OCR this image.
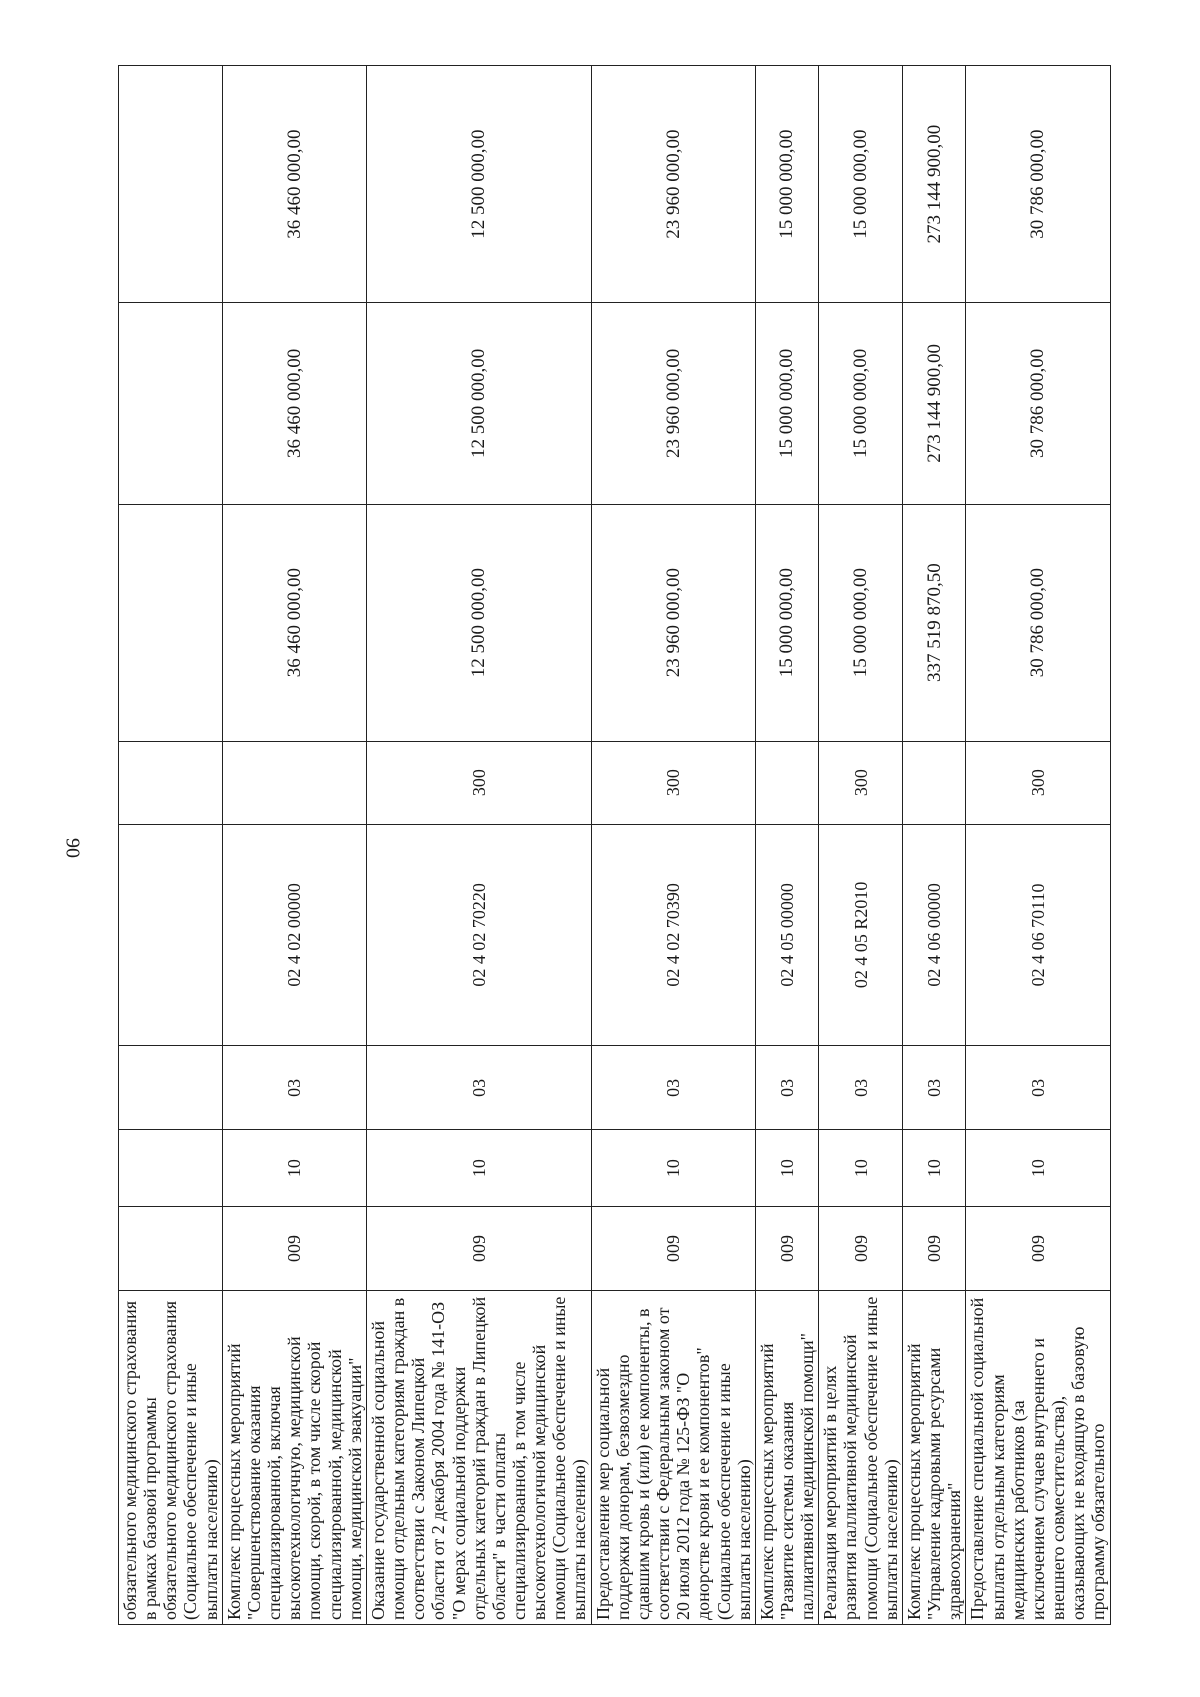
90
обязательного медицинского страхования в рамках базовой программы обязательного медицинского страхования (Социальное обеспечение и иные выплаты населению)								
Комплекс процессных мероприятий "Совершенствование оказания специализированной, включая высокотехнологичную, медицинской помощи, скорой, в том числе скорой специализированной, медицинской помощи, медицинской эвакуации"	009	10	03	02 4 02 00000		36 460 000,00	36 460 000,00	36 460 000,00
Оказание государственной социальной помощи отдельным категориям граждан в соответствии с Законом Липецкой области от 2 декабря 2004 года № 141-ОЗ "О мерах социальной поддержки отдельных категорий граждан в Липецкой области" в части оплаты специализированной, в том числе высокотехнологичной медицинской помощи (Социальное обеспечение и иные выплаты населению)	009	10	03	02 4 02 70220	300	12 500 000,00	12 500 000,00	12 500 000,00
Предоставление мер социальной поддержки донорам, безвозмездно сдавшим кровь и (или) ее компоненты, в соответствии с Федеральным законом от 20 июля 2012 года № 125-ФЗ "О донорстве крови и ее компонентов" (Социальное обеспечение и иные выплаты населению)	009	10	03	02 4 02 70390	300	23 960 000,00	23 960 000,00	23 960 000,00
Комплекс процессных мероприятий "Развитие системы оказания паллиативной медицинской помощи"	009	10	03	02 4 05 00000		15 000 000,00	15 000 000,00	15 000 000,00
Реализация мероприятий в целях развития паллиативной медицинской помощи (Социальное обеспечение и иные выплаты населению)	009	10	03	02 4 05 R2010	300	15 000 000,00	15 000 000,00	15 000 000,00
Комплекс процессных мероприятий "Управление кадровыми ресурсами здравоохранения"	009	10	03	02 4 06 00000		337 519 870,50	273 144 900,00	273 144 900,00
Предоставление специальной социальной выплаты отдельным категориям медицинских работников (за исключением случаев внутреннего и внешнего совместительства), оказывающих не входящую в базовую программу обязательного	009	10	03	02 4 06 70110	300	30 786 000,00	30 786 000,00	30 786 000,00
